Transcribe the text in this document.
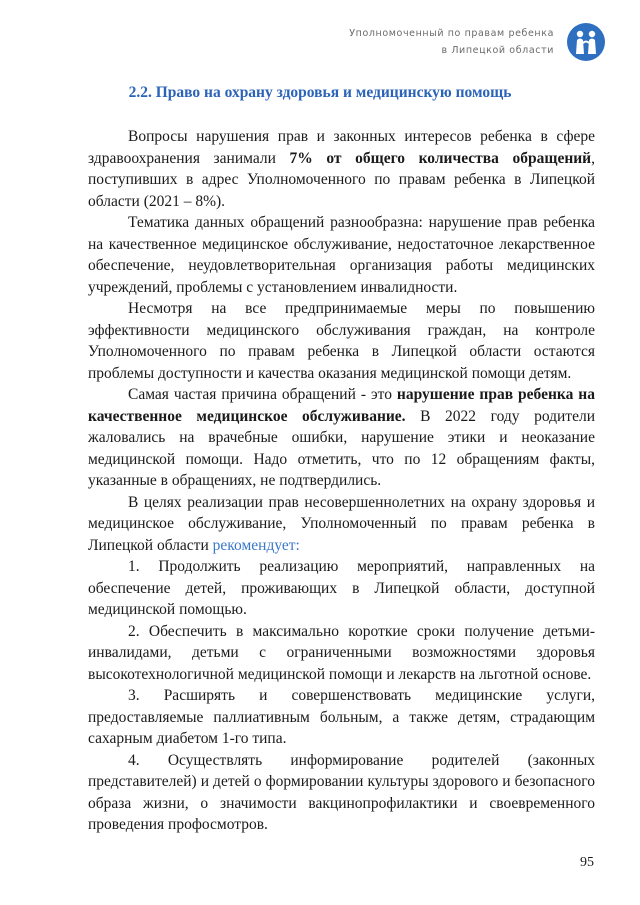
Уполномоченный по правам ребенка
в Липецкой области
2.2. Право на охрану здоровья и медицинскую помощь

Вопросы нарушения прав и законных интересов ребенка в сфере здравоохранения занимали 7% от общего количества обращений, поступивших в адрес Уполномоченного по правам ребенка в Липецкой области (2021 – 8%).

Тематика данных обращений разнообразна: нарушение прав ребенка на качественное медицинское обслуживание, недостаточное лекарственное обеспечение, неудовлетворительная организация работы медицинских учреждений, проблемы с установлением инвалидности.

Несмотря на все предпринимаемые меры по повышению эффективности медицинского обслуживания граждан, на контроле Уполномоченного по правам ребенка в Липецкой области остаются проблемы доступности и качества оказания медицинской помощи детям.

Самая частая причина обращений - это нарушение прав ребенка на качественное медицинское обслуживание. В 2022 году родители жаловались на врачебные ошибки, нарушение этики и неоказание медицинской помощи. Надо отметить, что по 12 обращениям факты, указанные в обращениях, не подтвердились.

В целях реализации прав несовершеннолетних на охрану здоровья и медицинское обслуживание, Уполномоченный по правам ребенка в Липецкой области рекомендует:

1. Продолжить реализацию мероприятий, направленных на обеспечение детей, проживающих в Липецкой области, доступной медицинской помощью.

2. Обеспечить в максимально короткие сроки получение детьми-инвалидами, детьми с ограниченными возможностями здоровья высокотехнологичной медицинской помощи и лекарств на льготной основе.

3. Расширять и совершенствовать медицинские услуги, предоставляемые паллиативным больным, а также детям, страдающим сахарным диабетом 1-го типа.

4. Осуществлять информирование родителей (законных представителей) и детей о формировании культуры здорового и безопасного образа жизни, о значимости вакцинопрофилактики и своевременного проведения профосмотров.

95
